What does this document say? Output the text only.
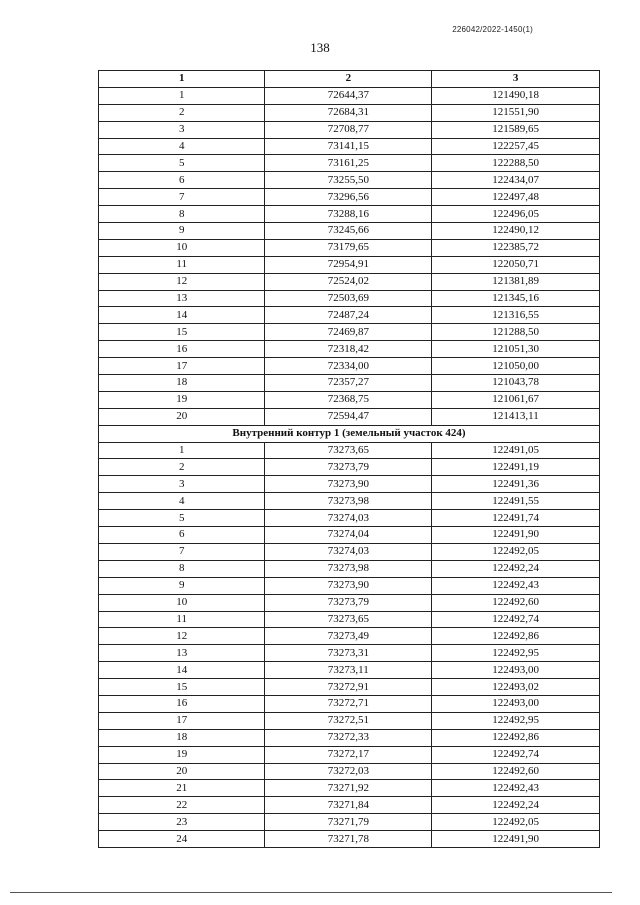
226042/2022-1450(1)
138
1	2	3
1	72644,37	121490,18
2	72684,31	121551,90
3	72708,77	121589,65
4	73141,15	122257,45
5	73161,25	122288,50
6	73255,50	122434,07
7	73296,56	122497,48
8	73288,16	122496,05
9	73245,66	122490,12
10	73179,65	122385,72
11	72954,91	122050,71
12	72524,02	121381,89
13	72503,69	121345,16
14	72487,24	121316,55
15	72469,87	121288,50
16	72318,42	121051,30
17	72334,00	121050,00
18	72357,27	121043,78
19	72368,75	121061,67
20	72594,47	121413,11
Внутренний контур 1 (земельный участок 424)		
1	73273,65	122491,05
2	73273,79	122491,19
3	73273,90	122491,36
4	73273,98	122491,55
5	73274,03	122491,74
6	73274,04	122491,90
7	73274,03	122492,05
8	73273,98	122492,24
9	73273,90	122492,43
10	73273,79	122492,60
11	73273,65	122492,74
12	73273,49	122492,86
13	73273,31	122492,95
14	73273,11	122493,00
15	73272,91	122493,02
16	73272,71	122493,00
17	73272,51	122492,95
18	73272,33	122492,86
19	73272,17	122492,74
20	73272,03	122492,60
21	73271,92	122492,43
22	73271,84	122492,24
23	73271,79	122492,05
24	73271,78	122491,90
